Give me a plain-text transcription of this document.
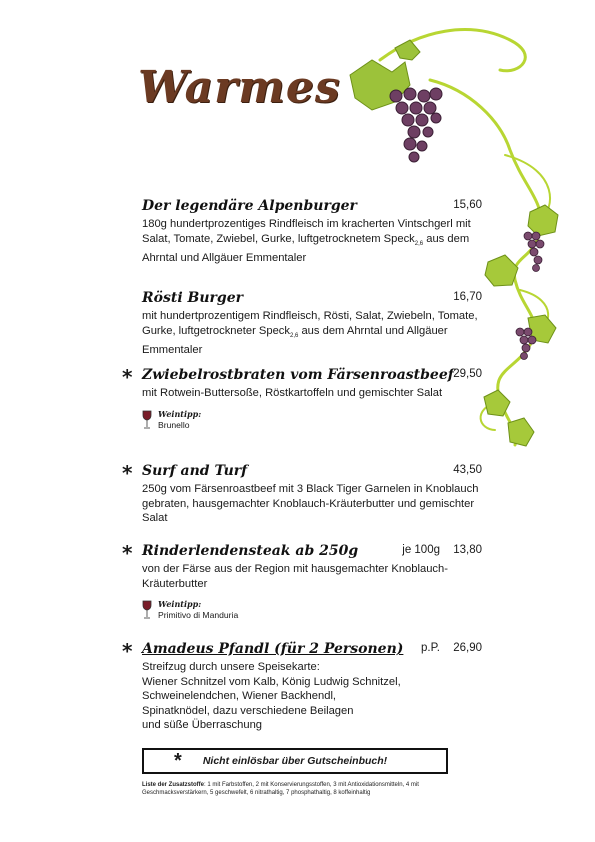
Warmes
Der legendäre Alpenburger	15,60
180g hundertprozentiges Rindfleisch im kracherten Vintschgerl mit Salat, Tomate, Zwiebel, Gurke, luftgetrocknetem Speck$_{2,6}$ aus dem Ahrntal und Allgäuer Emmentaler
Rösti Burger	16,70
mit hundertprozentigem Rindfleisch, Rösti, Salat, Zwiebeln, Tomate, Gurke, luftgetrockneter Speck$_{2,6}$ aus dem Ahrntal und Allgäuer Emmentaler
* Zwiebelrostbraten vom Färsenroastbeef 29,50
mit Rotwein-Buttersoße, Röstkartoffeln und gemischter Salat
Weintipp:
Brunello
* Surf and Turf	43,50
250g vom Färsenroastbeef mit 3 Black Tiger Garnelen in Knoblauch gebraten, hausgemachter Knoblauch-Kräuterbutter und gemischter Salat
* Rinderlendensteak ab 250g	je 100g 13,80
von der Färse aus der Region mit hausgemachter Knoblauch-Kräuterbutter
Weintipp:
Primitivo di Manduria
* Amadeus Pfandl (für 2 Personen)	p.P. 26,90
Streifzug durch unsere Speisekarte:
Wiener Schnitzel vom Kalb, König Ludwig Schnitzel,
Schweinelendchen, Wiener Backhendl,
Spinatknödel, dazu verschiedene Beilagen
und süße Überraschung
* Nicht einlösbar über Gutscheinbuch!
Liste der Zusatzstoffe: 1 mit Farbstoffen, 2 mit Konservierungsstoffen, 3 mit Antioxidationsmitteln, 4 mit Geschmacksverstärkern, 5 geschwefelt, 6 nitrathaltig, 7 phosphathaltig, 8 koffeinhaltig
